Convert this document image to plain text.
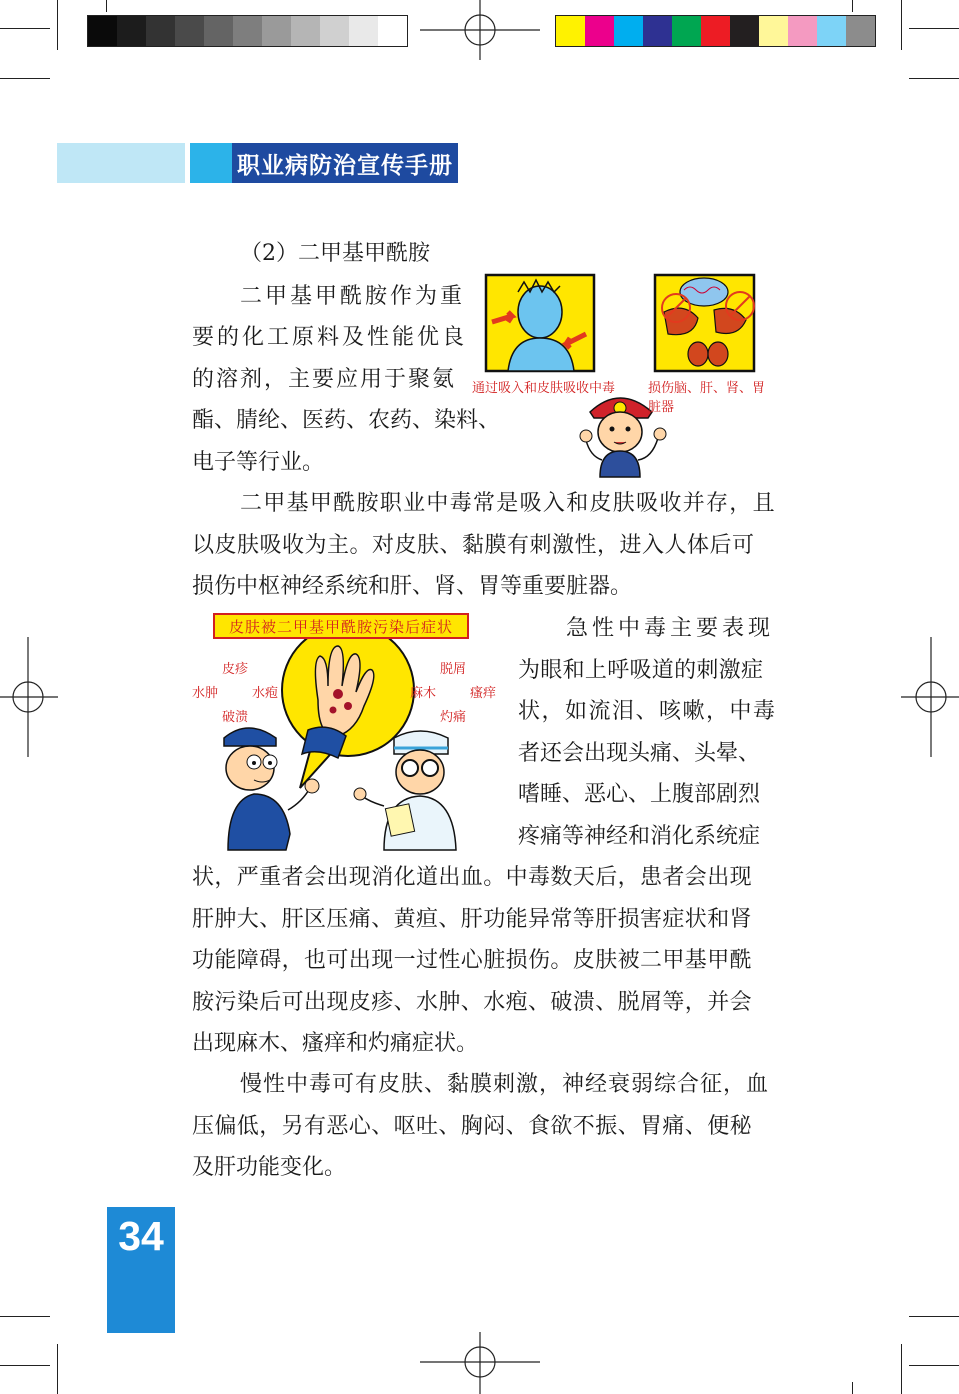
职业病防治宣传手册
（2）二甲基甲酰胺
二甲基甲酰胺作为重
要的化工原料及性能优良
的溶剂，主要应用于聚氨
酯、腈纶、医药、农药、染料、
电子等行业。
通过吸入和皮肤吸收中毒	损伤脑、肝、肾、胃脏器
二甲基甲酰胺职业中毒常是吸入和皮肤吸收并存，且
以皮肤吸收为主。对皮肤、黏膜有刺激性，进入人体后可
损伤中枢神经系统和肝、肾、胃等重要脏器。
皮肤被二甲基甲酰胺污染后症状
皮疹
水肿	水疱
破溃
脱屑
麻木	瘙痒
灼痛
急性中毒主要表现
为眼和上呼吸道的刺激症
状，如流泪、咳嗽，中毒
者还会出现头痛、头晕、
嗜睡、恶心、上腹部剧烈
疼痛等神经和消化系统症
状，严重者会出现消化道出血。中毒数天后，患者会出现
肝肿大、肝区压痛、黄疸、肝功能异常等肝损害症状和肾
功能障碍，也可出现一过性心脏损伤。皮肤被二甲基甲酰
胺污染后可出现皮疹、水肿、水疱、破溃、脱屑等，并会
出现麻木、瘙痒和灼痛症状。
慢性中毒可有皮肤、黏膜刺激，神经衰弱综合征，血
压偏低，另有恶心、呕吐、胸闷、食欲不振、胃痛、便秘
及肝功能变化。
34
